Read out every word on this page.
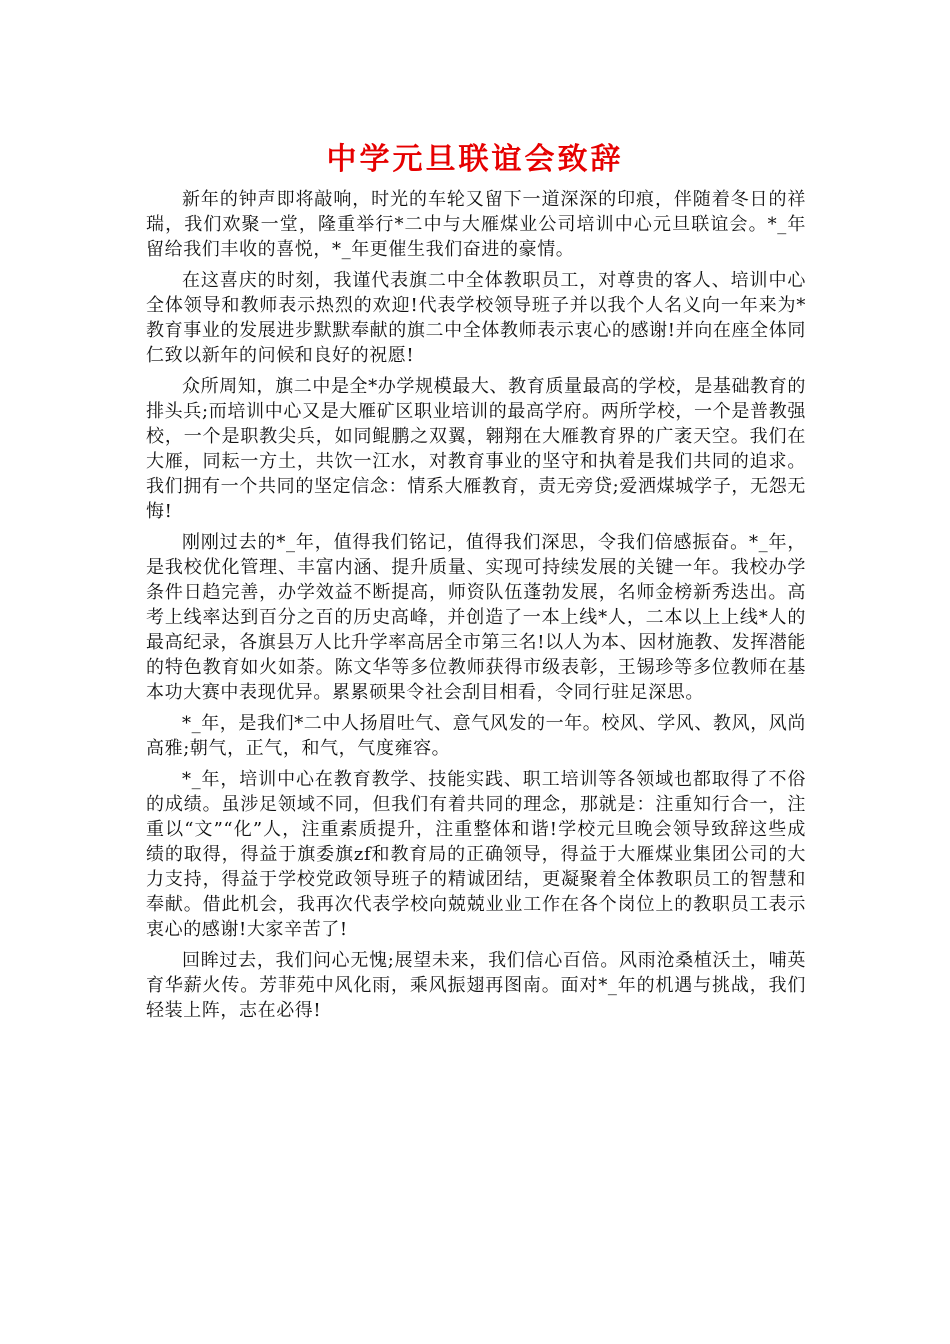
中学元旦联谊会致辞

新年的钟声即将敲响，时光的车轮又留下一道深深的印痕，伴随着冬日的祥瑞，我们欢聚一堂，隆重举行*二中与大雁煤业公司培训中心元旦联谊会。*_年留给我们丰收的喜悦，*_年更催生我们奋进的豪情。

在这喜庆的时刻，我谨代表旗二中全体教职员工，对尊贵的客人、培训中心全体领导和教师表示热烈的欢迎!代表学校领导班子并以我个人名义向一年来为*教育事业的发展进步默默奉献的旗二中全体教师表示衷心的感谢!并向在座全体同仁致以新年的问候和良好的祝愿!

众所周知，旗二中是全*办学规模最大、教育质量最高的学校，是基础教育的排头兵;而培训中心又是大雁矿区职业培训的最高学府。两所学校，一个是普教强校，一个是职教尖兵，如同鲲鹏之双翼，翱翔在大雁教育界的广袤天空。我们在大雁，同耘一方土，共饮一江水，对教育事业的坚守和执着是我们共同的追求。我们拥有一个共同的坚定信念：情系大雁教育，责无旁贷;爱洒煤城学子，无怨无悔!

刚刚过去的*_年，值得我们铭记，值得我们深思，令我们倍感振奋。*_年，是我校优化管理、丰富内涵、提升质量、实现可持续发展的关键一年。我校办学条件日趋完善，办学效益不断提高，师资队伍蓬勃发展，名师金榜新秀迭出。高考上线率达到百分之百的历史高峰，并创造了一本上线*人，二本以上上线*人的最高纪录，各旗县万人比升学率高居全市第三名!以人为本、因材施教、发挥潜能的特色教育如火如荼。陈文华等多位教师获得市级表彰，王锡珍等多位教师在基本功大赛中表现优异。累累硕果令社会刮目相看，令同行驻足深思。

*_年，是我们*二中人扬眉吐气、意气风发的一年。校风、学风、教风，风尚高雅;朝气，正气，和气，气度雍容。

*_年，培训中心在教育教学、技能实践、职工培训等各领域也都取得了不俗的成绩。虽涉足领域不同，但我们有着共同的理念，那就是：注重知行合一，注重以“文”“化”人，注重素质提升，注重整体和谐!学校元旦晚会领导致辞这些成绩的取得，得益于旗委旗zf和教育局的正确领导，得益于大雁煤业集团公司的大力支持，得益于学校党政领导班子的精诚团结，更凝聚着全体教职员工的智慧和奉献。借此机会，我再次代表学校向兢兢业业工作在各个岗位上的教职员工表示衷心的感谢!大家辛苦了!

回眸过去，我们问心无愧;展望未来，我们信心百倍。风雨沧桑植沃土，哺英育华薪火传。芳菲苑中风化雨，乘风振翅再图南。面对*_年的机遇与挑战，我们轻装上阵，志在必得!
